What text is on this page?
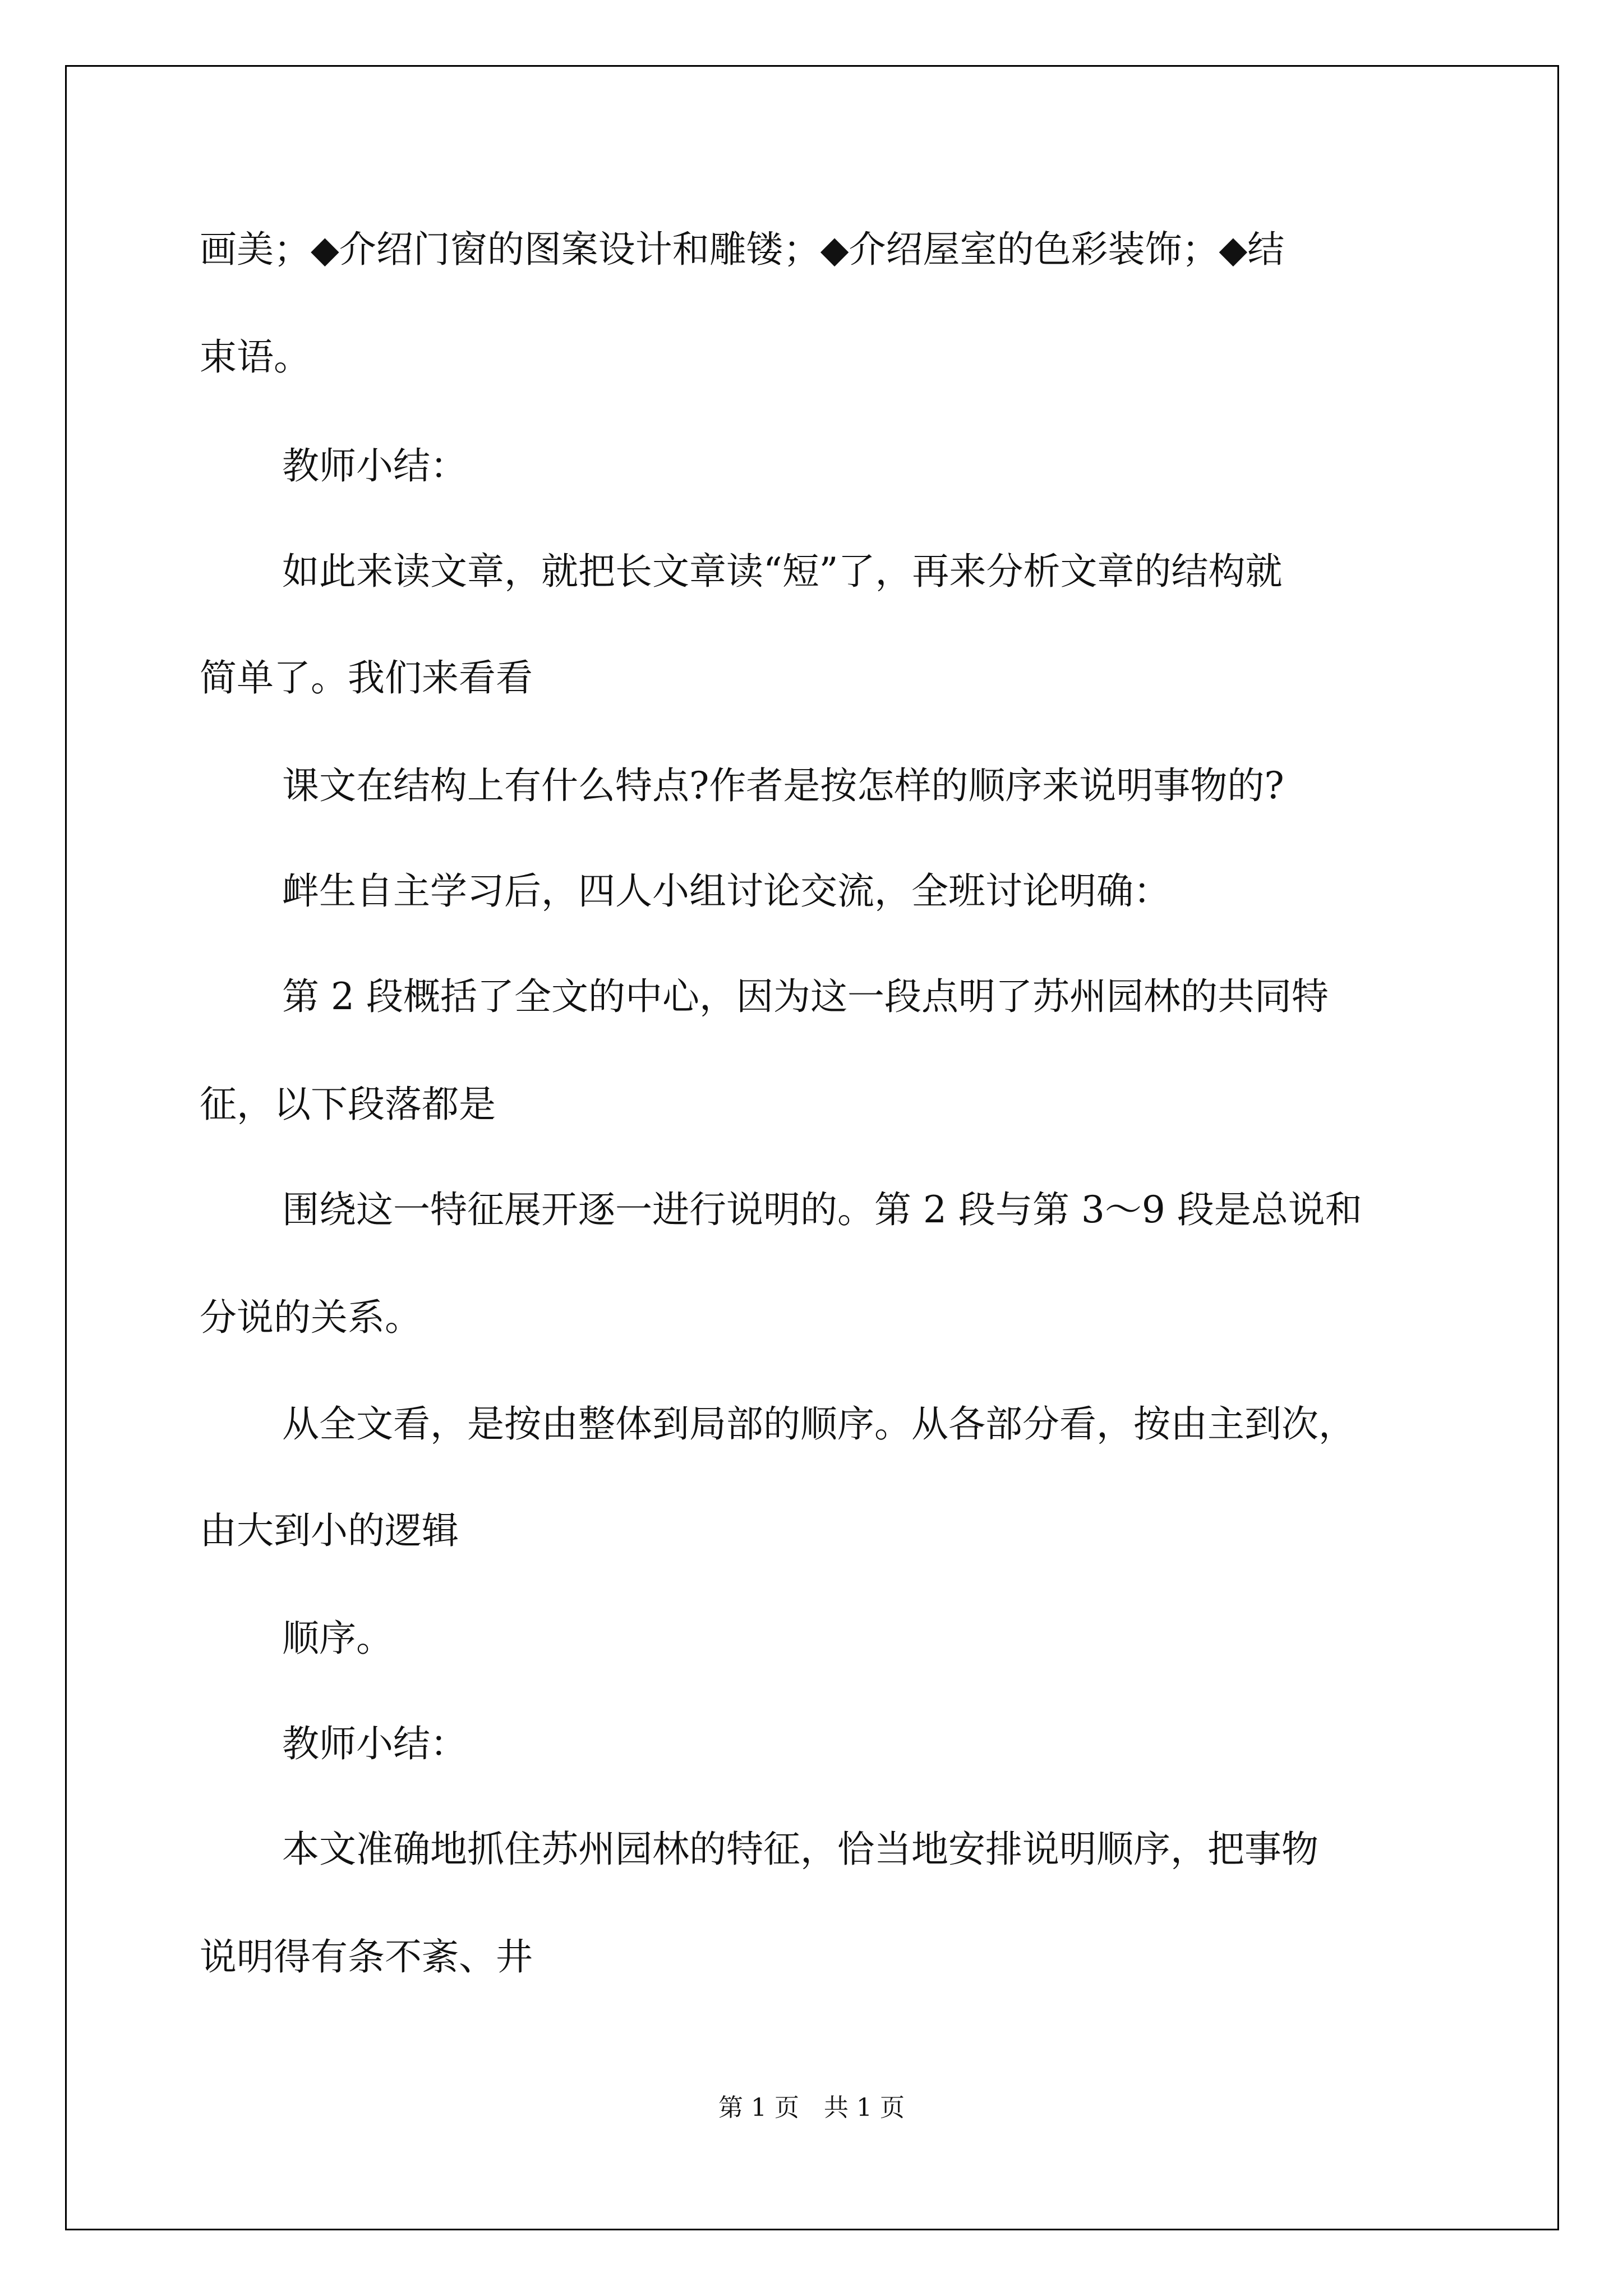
画美；◆介绍门窗的图案设计和雕镂；◆介绍屋室的色彩装饰；◆结
束语。
教师小结：
如此来读文章，就把长文章读“短”了，再来分析文章的结构就
简单了。我们来看看
课文在结构上有什么特点?作者是按怎样的顺序来说明事物的?
衅生自主学习后，四人小组讨论交流，全班讨论明确：
第 2 段概括了全文的中心，因为这一段点明了苏州园林的共同特
征，以下段落都是
围绕这一特征展开逐一进行说明的。第 2 段与第 3～9 段是总说和
分说的关系。
从全文看，是按由整体到局部的顺序。从各部分看，按由主到次，
由大到小的逻辑
顺序。
教师小结：
本文准确地抓住苏州园林的特征，恰当地安排说明顺序，把事物
说明得有条不紊、井
第 1 页　共 1 页
